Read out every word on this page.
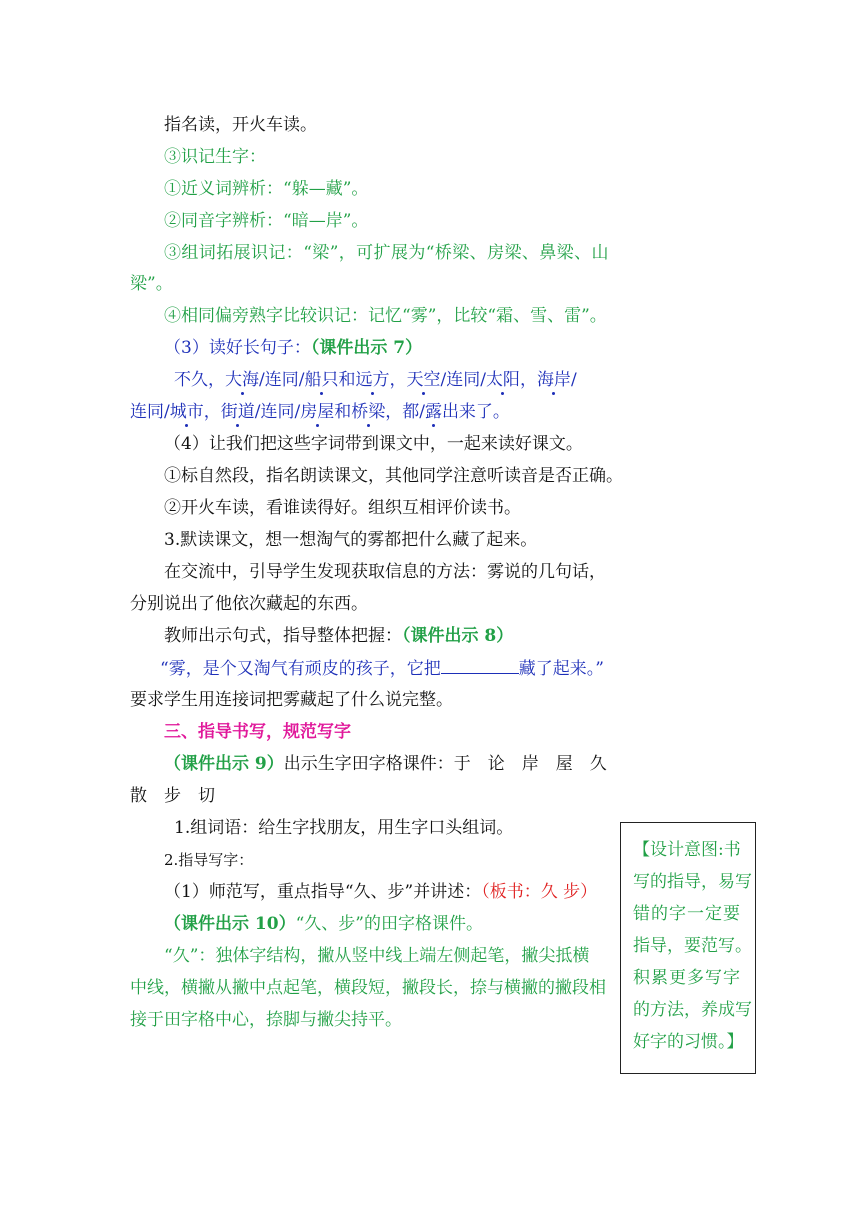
指名读，开火车读。
③识记生字：
①近义词辨析：“躲—藏”。
②同音字辨析：“暗—岸”。
③组词拓展识记：“梁”，可扩展为“桥梁、房梁、鼻梁、山
梁”。
④相同偏旁熟字比较识记：记忆“雾”，比较“霜、雪、雷”。
（3）读好长句子：（课件出示 7）
不久，大海/连同/船只和远方，天空/连同/太阳，海岸/
连同/城市，街道/连同/房屋和桥梁，都/露出来了。
（4）让我们把这些字词带到课文中，一起来读好课文。
①标自然段，指名朗读课文，其他同学注意听读音是否正确。
②开火车读，看谁读得好。组织互相评价读书。
3.默读课文，想一想淘气的雾都把什么藏了起来。
在交流中，引导学生发现获取信息的方法：雾说的几句话，
分别说出了他依次藏起的东西。
教师出示句式，指导整体把握：（课件出示 8）
“雾，是个又淘气有顽皮的孩子，它把	藏了起来。”
要求学生用连接词把雾藏起了什么说完整。
三、指导书写，规范写字
（课件出示 9）出示生字田字格课件：于　论　岸　屋　久
散　步　切
1.组词语：给生字找朋友，用生字口头组词。
2.指导写字：
（1）师范写，重点指导“久、步”并讲述：（板书：久 步）
（课件出示 10）“久、步”的田字格课件。
“久”：独体字结构，撇从竖中线上端左侧起笔，撇尖抵横
中线，横撇从撇中点起笔，横段短，撇段长，捺与横撇的撇段相
接于田字格中心，捺脚与撇尖持平。
【设计意图:书
写的指导，易写
错的字一定要
指导，要范写。
积累更多写字
的方法，养成写
好字的习惯。】
